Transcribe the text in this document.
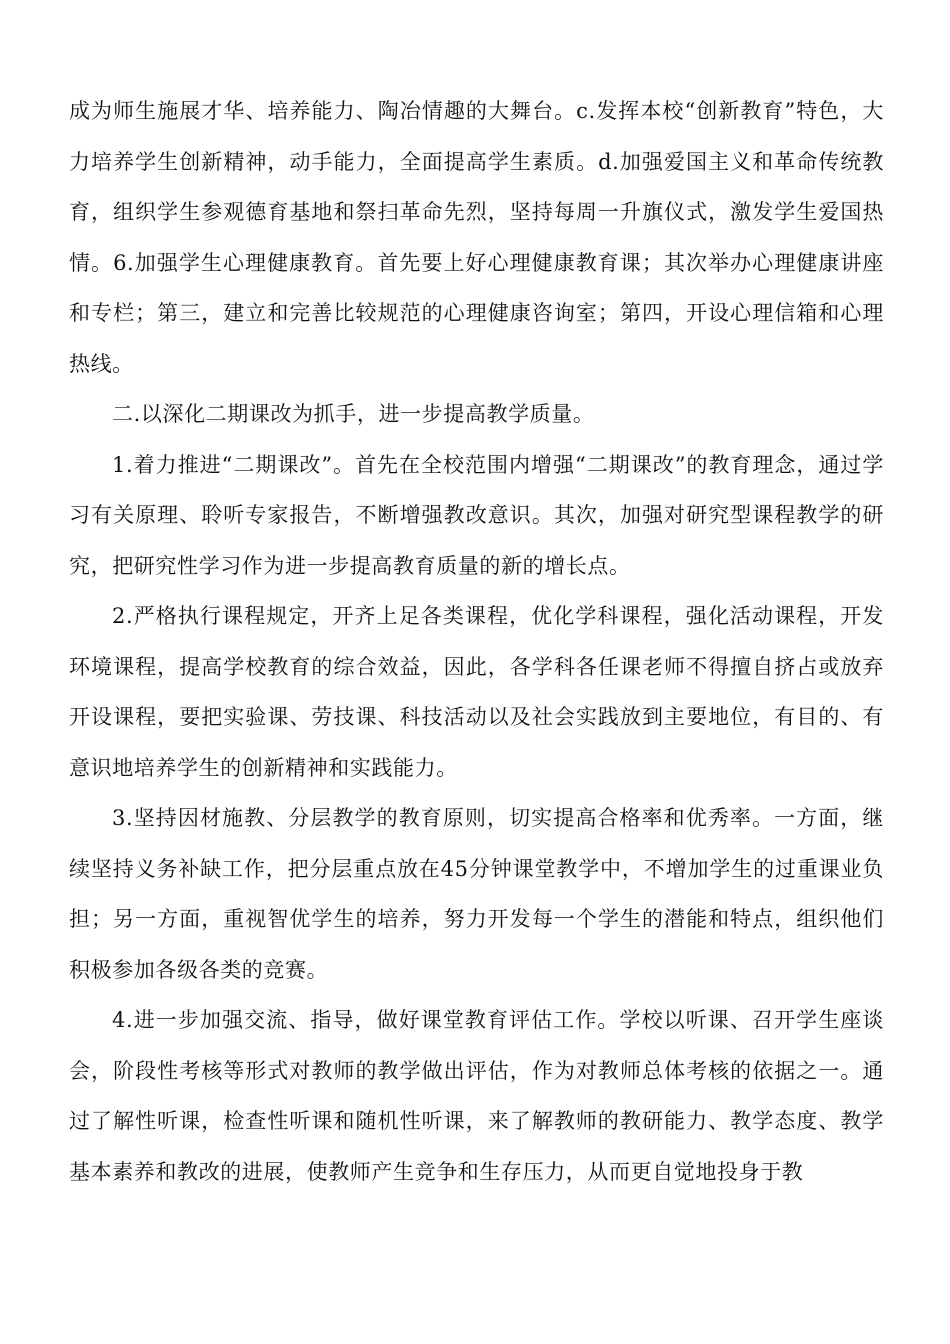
成为师生施展才华、培养能力、陶冶情趣的大舞台。c.发挥本校“创新教育”特色，大力培养学生创新精神，动手能力，全面提高学生素质。d.加强爱国主义和革命传统教育，组织学生参观德育基地和祭扫革命先烈，坚持每周一升旗仪式，激发学生爱国热情。6.加强学生心理健康教育。首先要上好心理健康教育课；其次举办心理健康讲座和专栏；第三，建立和完善比较规范的心理健康咨询室；第四，开设心理信箱和心理热线。

二.以深化二期课改为抓手，进一步提高教学质量。

1.着力推进“二期课改”。首先在全校范围内增强“二期课改”的教育理念，通过学习有关原理、聆听专家报告，不断增强教改意识。其次，加强对研究型课程教学的研究，把研究性学习作为进一步提高教育质量的新的增长点。

2.严格执行课程规定，开齐上足各类课程，优化学科课程，强化活动课程，开发环境课程，提高学校教育的综合效益，因此，各学科各任课老师不得擅自挤占或放弃开设课程，要把实验课、劳技课、科技活动以及社会实践放到主要地位，有目的、有意识地培养学生的创新精神和实践能力。

3.坚持因材施教、分层教学的教育原则，切实提高合格率和优秀率。一方面，继续坚持义务补缺工作，把分层重点放在45分钟课堂教学中，不增加学生的过重课业负担；另一方面，重视智优学生的培养，努力开发每一个学生的潜能和特点，组织他们积极参加各级各类的竞赛。

4.进一步加强交流、指导，做好课堂教育评估工作。学校以听课、召开学生座谈会，阶段性考核等形式对教师的教学做出评估，作为对教师总体考核的依据之一。通过了解性听课，检查性听课和随机性听课，来了解教师的教研能力、教学态度、教学基本素养和教改的进展，使教师产生竞争和生存压力，从而更自觉地投身于教
